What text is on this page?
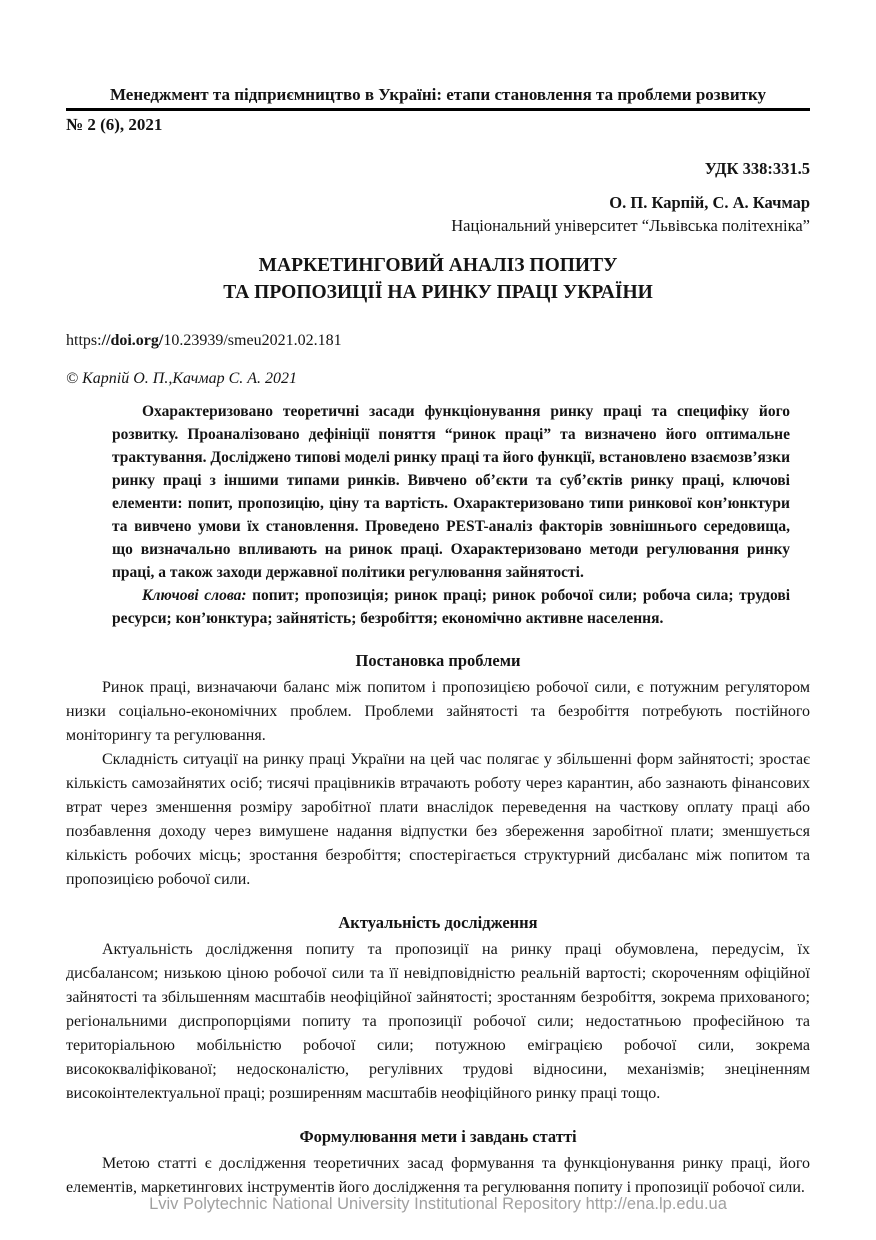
Менеджмент та підприємництво в Україні: етапи становлення та проблеми розвитку
№ 2 (6), 2021
УДК 338:331.5
О. П. Карпій, С. А. Качмар
Національний університет “Львівська політехніка”
МАРКЕТИНГОВИЙ АНАЛІЗ ПОПИТУ
ТА ПРОПОЗИЦІЇ НА РИНКУ ПРАЦІ УКРАЇНИ
https://doi.org/10.23939/smeu2021.02.181
© Карпій О. П.,Качмар С. А. 2021

Охарактеризовано теоретичні засади функціонування ринку праці та специфіку його розвитку. Проаналізовано дефініції поняття “ринок праці” та визначено його оптимальне трактування. Досліджено типові моделі ринку праці та його функції, встановлено взаємозв’язки ринку праці з іншими типами ринків. Вивчено об’єкти та суб’єктів ринку праці, ключові елементи: попит, пропозицію, ціну та вартість. Охарактеризовано типи ринкової кон’юнктури та вивчено умови їх становлення. Проведено PEST-аналіз факторів зовнішнього середовища, що визначально впливають на ринок праці. Охарактеризовано методи регулювання ринку праці, а також заходи державної політики регулювання зайнятості.

Ключові слова: попит; пропозиція; ринок праці; ринок робочої сили; робоча сила; трудові ресурси; кон’юнктура; зайнятість; безробіття; економічно активне населення.

Постановка проблеми

Ринок праці, визначаючи баланс між попитом і пропозицією робочої сили, є потужним регулятором низки соціально-економічних проблем. Проблеми зайнятості та безробіття потребують постійного моніторингу та регулювання.

Складність ситуації на ринку праці України на цей час полягає у збільшенні форм зайнятості; зростає кількість самозайнятих осіб; тисячі працівників втрачають роботу через карантин, або зазнають фінансових втрат через зменшення розміру заробітної плати внаслідок переведення на часткову оплату праці або позбавлення доходу через вимушене надання відпустки без збереження заробітної плати; зменшується кількість робочих місць; зростання безробіття; спостерігається структурний дисбаланс між попитом та пропозицією робочої сили.

Актуальність дослідження

Актуальність дослідження попиту та пропозиції на ринку праці обумовлена, передусім, їх дисбалансом; низькою ціною робочої сили та її невідповідністю реальній вартості; скороченням офіційної зайнятості та збільшенням масштабів неофіційної зайнятості; зростанням безробіття, зокрема прихованого; регіональними диспропорціями попиту та пропозиції робочої сили; недостатньою професійною та територіальною мобільністю робочої сили; потужною еміграцією робочої сили, зокрема висококваліфікованої; недосконалістю, регулівних трудові відносини, механізмів; знеціненням високоінтелектуальної праці; розширенням масштабів неофіційного ринку праці тощо.

Формулювання мети і завдань статті

Метою статті є дослідження теоретичних засад формування та функціонування ринку праці, його елементів, маркетингових інструментів його дослідження та регулювання попиту і пропозиції робочої сили.

Lviv Polytechnic National University Institutional Repository http://ena.lp.edu.ua
